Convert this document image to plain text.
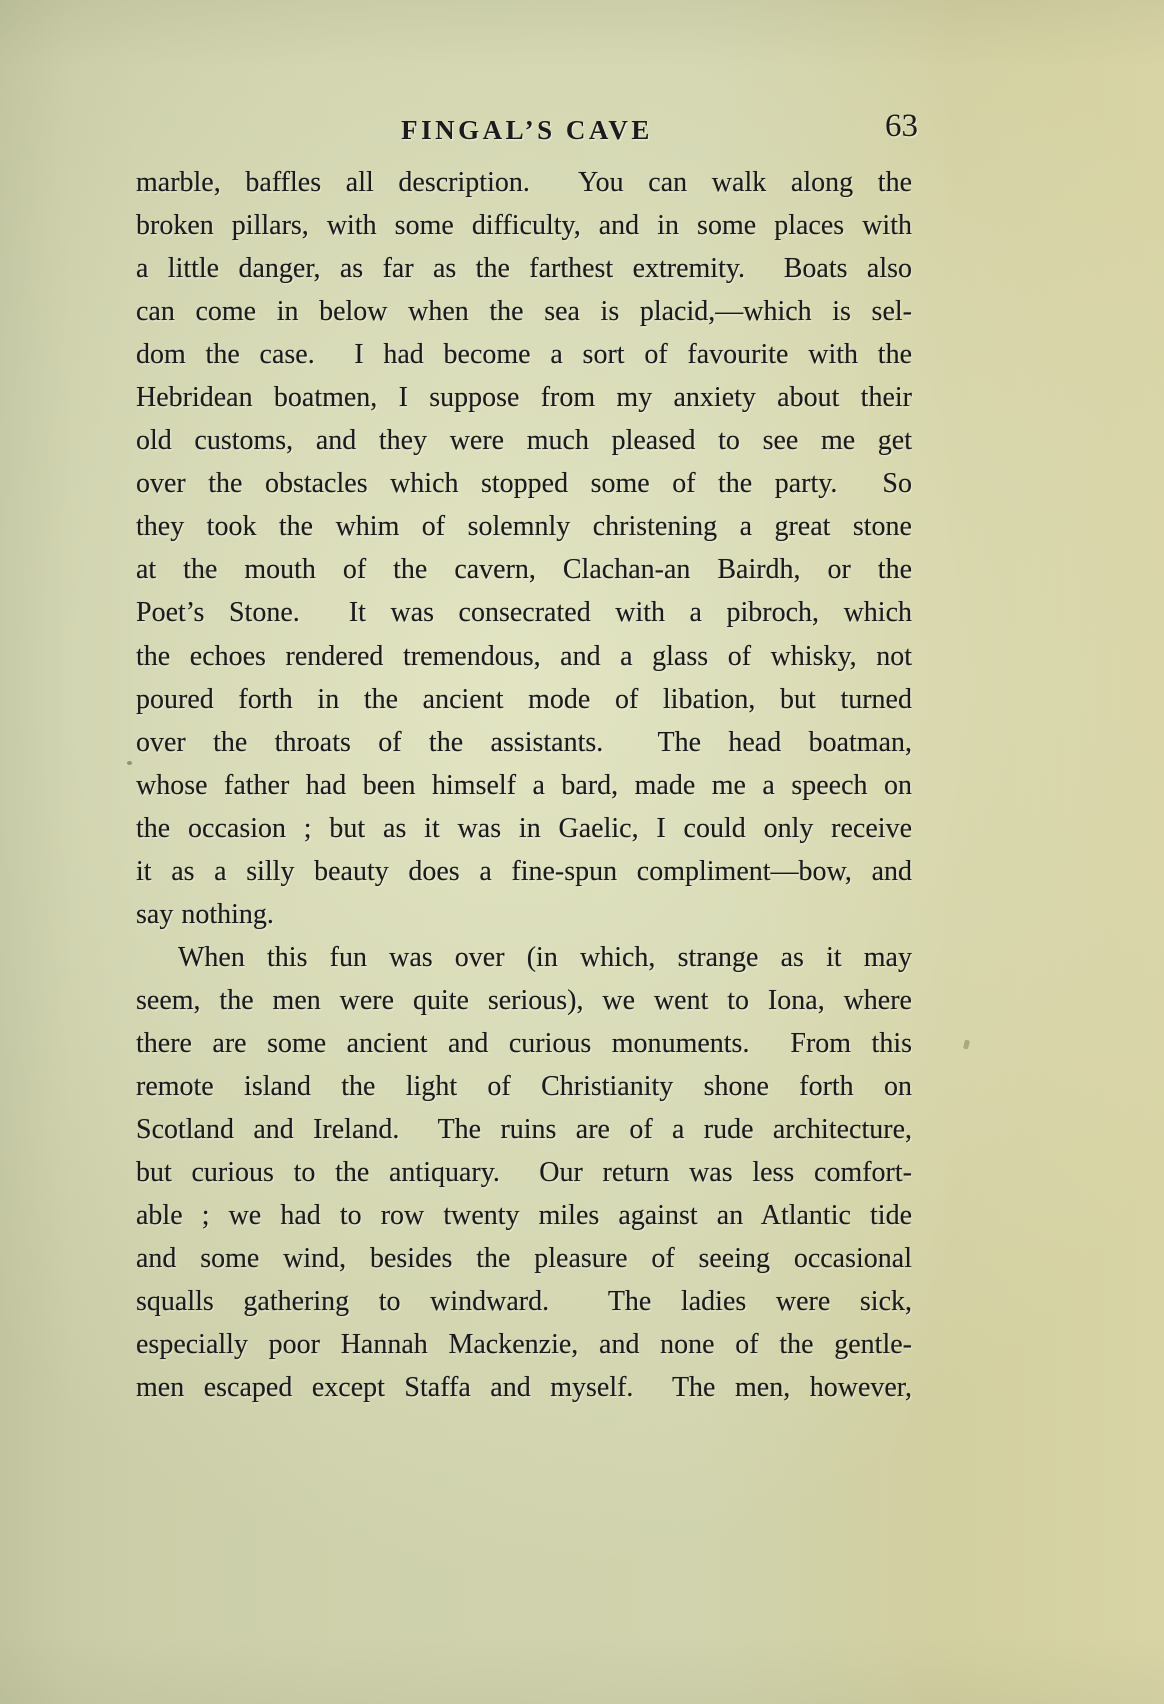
FINGAL’S CAVE	63
marble, baffles all description.  You can walk along the
broken pillars, with some difficulty, and in some places with
a little danger, as far as the farthest extremity.  Boats also
can come in below when the sea is placid,—which is sel-
dom the case.  I had become a sort of favourite with the
Hebridean boatmen, I suppose from my anxiety about their
old customs, and they were much pleased to see me get
over the obstacles which stopped some of the party.  So
they took the whim of solemnly christening a great stone
at the mouth of the cavern, Clachan-an Bairdh, or the
Poet’s Stone.  It was consecrated with a pibroch, which
the echoes rendered tremendous, and a glass of whisky, not
poured forth in the ancient mode of libation, but turned
over the throats of the assistants.  The head boatman,
whose father had been himself a bard, made me a speech on
the occasion ; but as it was in Gaelic, I could only receive
it as a silly beauty does a fine-spun compliment—bow, and
say nothing.
When this fun was over (in which, strange as it may
seem, the men were quite serious), we went to Iona, where
there are some ancient and curious monuments.  From this
remote island the light of Christianity shone forth on
Scotland and Ireland.  The ruins are of a rude architecture,
but curious to the antiquary.  Our return was less comfort-
able ; we had to row twenty miles against an Atlantic tide
and some wind, besides the pleasure of seeing occasional
squalls gathering to windward.  The ladies were sick,
especially poor Hannah Mackenzie, and none of the gentle-
men escaped except Staffa and myself.  The men, however,
